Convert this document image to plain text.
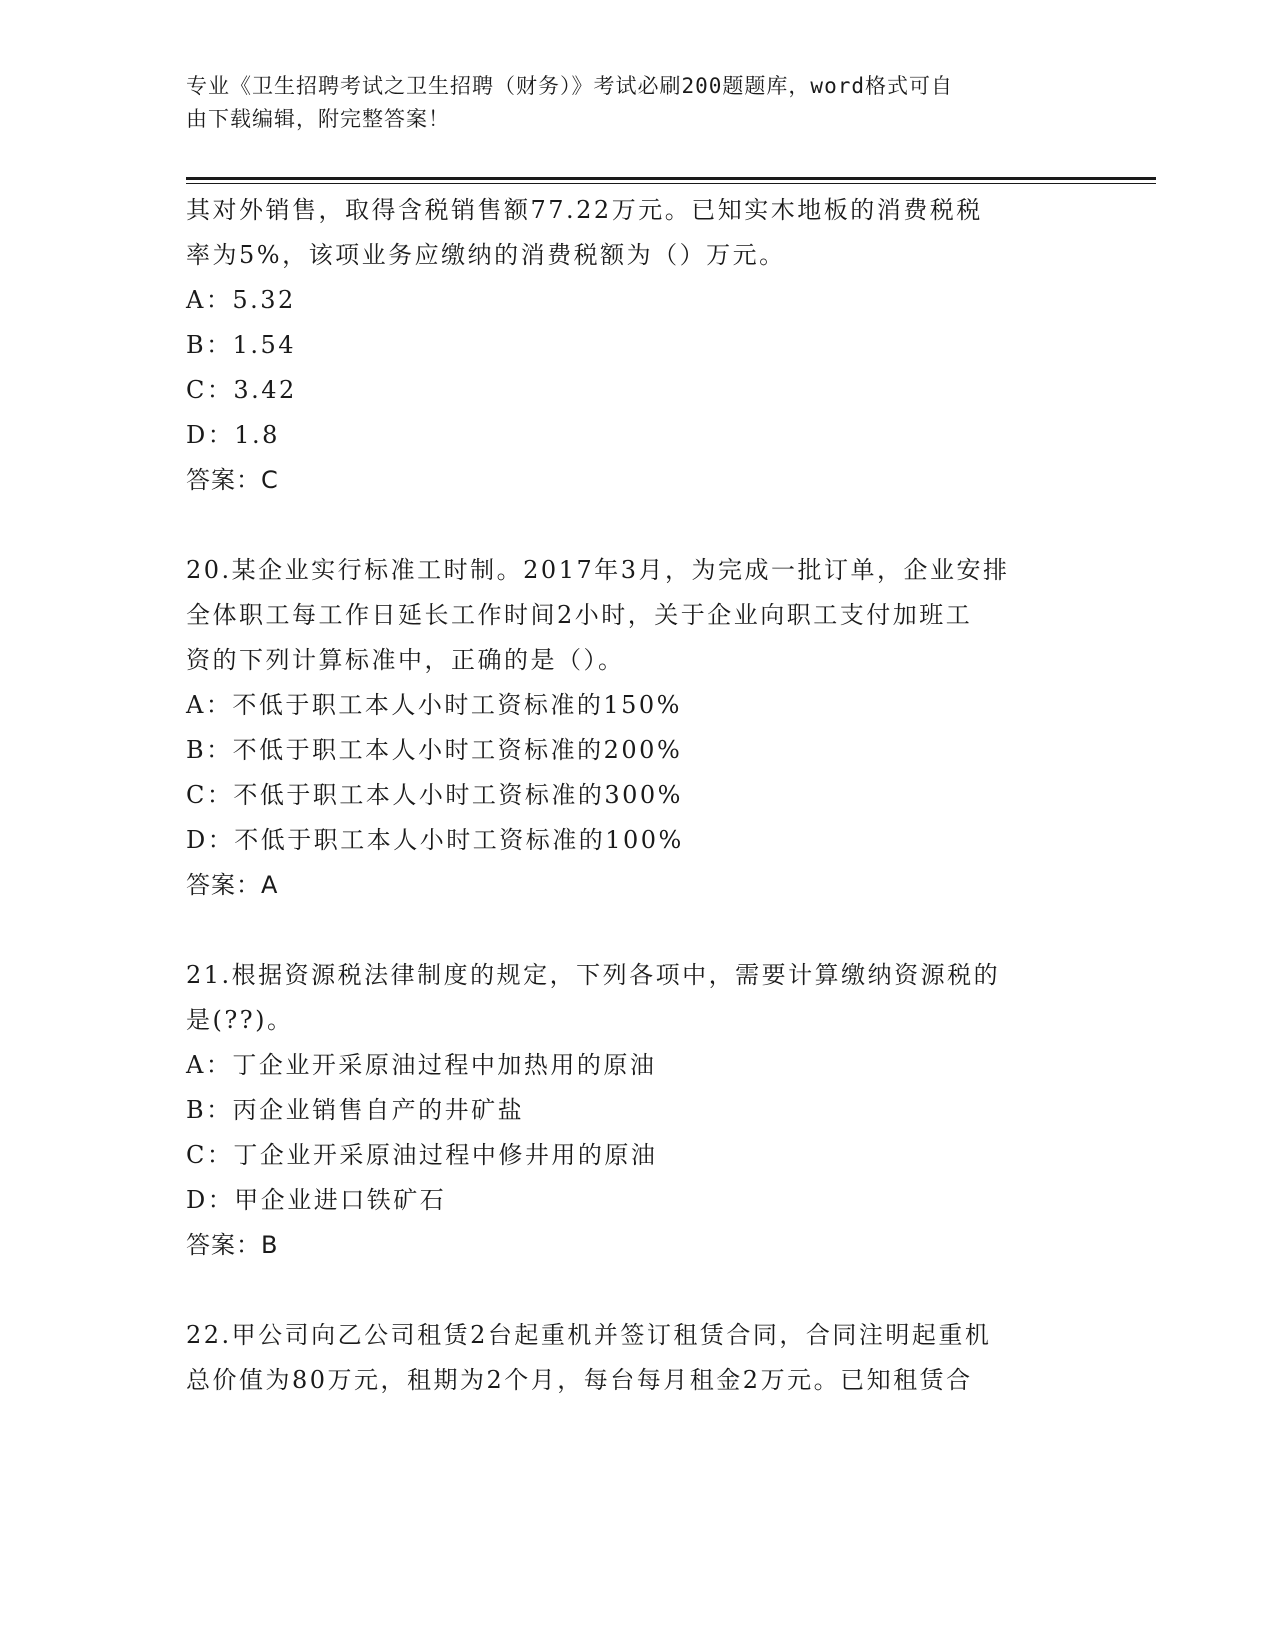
专业《卫生招聘考试之卫生招聘（财务）》考试必刷200题题库，word格式可自
由下载编辑，附完整答案！
其对外销售，取得含税销售额77.22万元。已知实木地板的消费税税
率为5%，该项业务应缴纳的消费税额为（）万元。
A：5.32
B：1.54
C：3.42
D：1.8
答案：C
20.某企业实行标准工时制。2017年3月，为完成一批订单，企业安排
全体职工每工作日延长工作时间2小时，关于企业向职工支付加班工
资的下列计算标准中，正确的是（）。
A：不低于职工本人小时工资标准的150%
B：不低于职工本人小时工资标准的200%
C：不低于职工本人小时工资标准的300%
D：不低于职工本人小时工资标准的100%
答案：A
21.根据资源税法律制度的规定，下列各项中，需要计算缴纳资源税的
是(??)。
A：丁企业开采原油过程中加热用的原油
B：丙企业销售自产的井矿盐
C：丁企业开采原油过程中修井用的原油
D：甲企业进口铁矿石
答案：B
22.甲公司向乙公司租赁2台起重机并签订租赁合同，合同注明起重机
总价值为80万元，租期为2个月，每台每月租金2万元。已知租赁合
